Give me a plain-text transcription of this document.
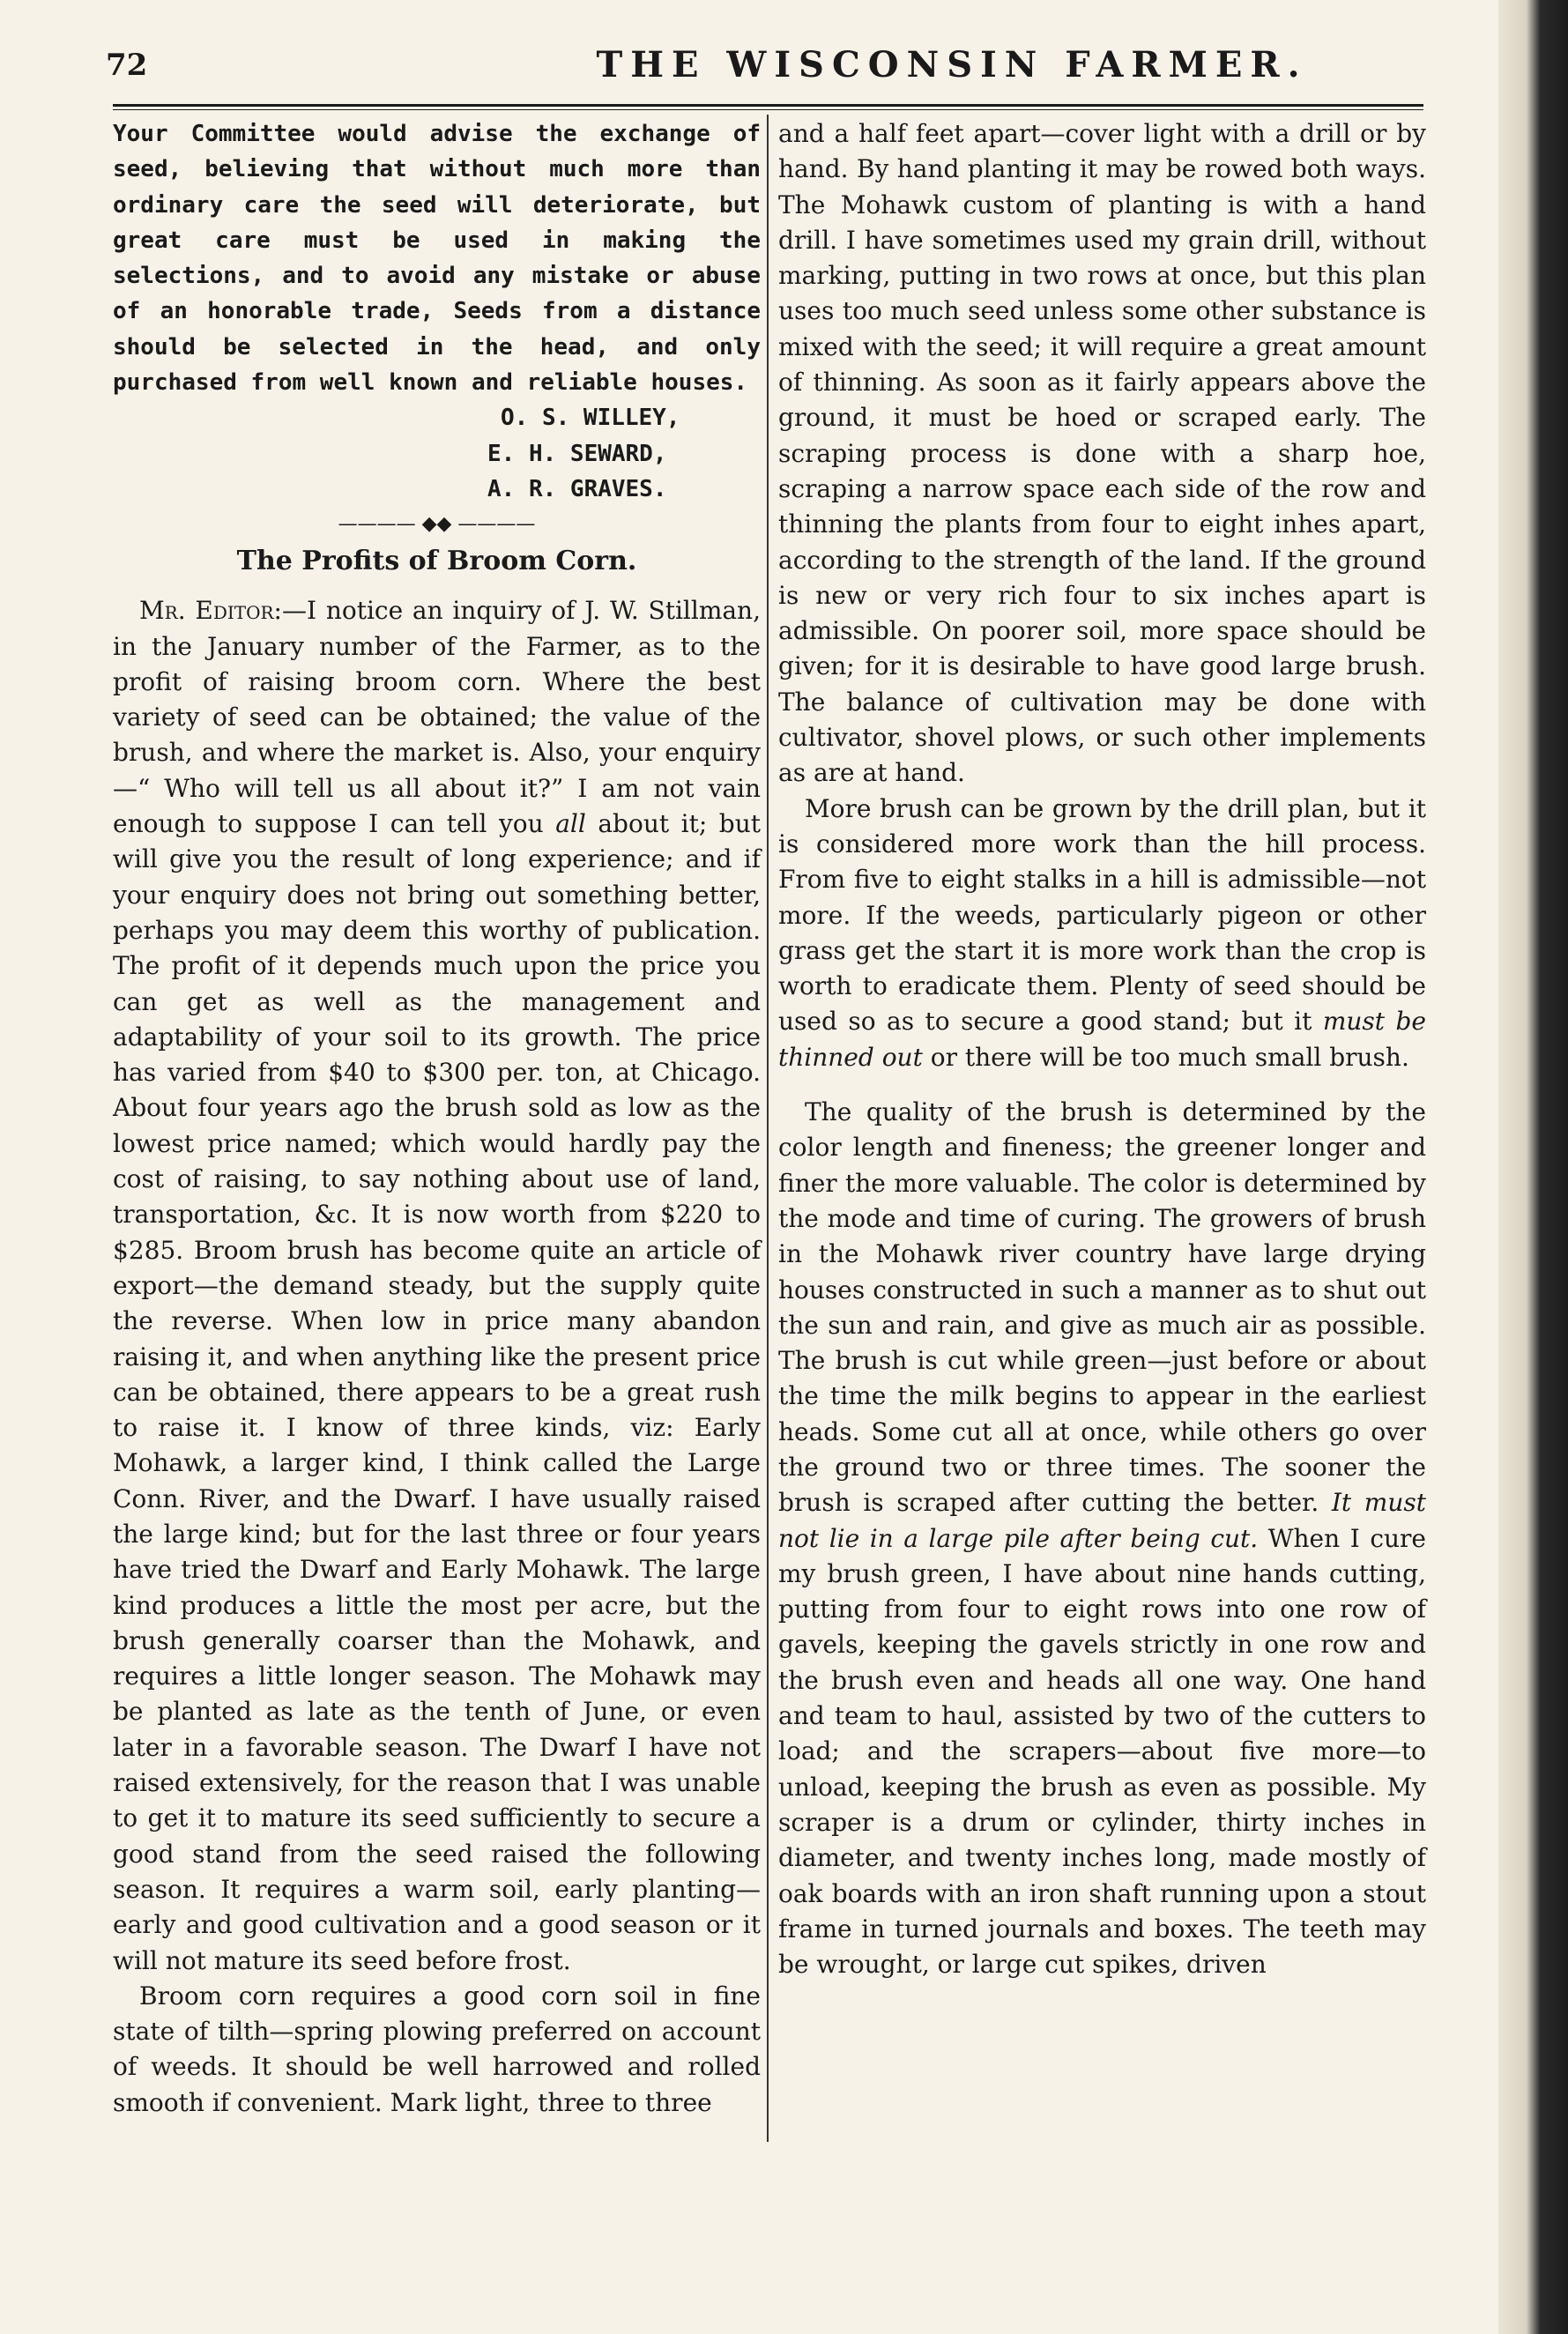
72	THE WISCONSIN FARMER.

Your Committee would advise the exchange of seed, believing that without much more than ordinary care the seed will deteriorate, but great care must be used in making the selections, and to avoid any mistake or abuse of an honorable trade, Seeds from a distance should be selected in the head, and only purchased from well known and reliable houses.

O. S. WILLEY,
E. H. SEWARD,
A. R. GRAVES.
———— ◆◆ ————
The Profits of Broom Corn.

Mr. Editor:—I notice an inquiry of J. W. Stillman, in the January number of the Farmer, as to the profit of raising broom corn. Where the best variety of seed can be obtained; the value of the brush, and where the market is. Also, your enquiry—“ Who will tell us all about it?” I am not vain enough to suppose I can tell you all about it; but will give you the result of long experience; and if your enquiry does not bring out something better, perhaps you may deem this worthy of publication. The profit of it depends much upon the price you can get as well as the management and adaptability of your soil to its growth. The price has varied from $40 to $300 per. ton, at Chicago. About four years ago the brush sold as low as the lowest price named; which would hardly pay the cost of raising, to say nothing about use of land, transportation, &c. It is now worth from $220 to $285. Broom brush has become quite an article of export—the demand steady, but the supply quite the reverse. When low in price many abandon raising it, and when anything like the present price can be obtained, there appears to be a great rush to raise it. I know of three kinds, viz: Early Mohawk, a larger kind, I think called the Large Conn. River, and the Dwarf. I have usually raised the large kind; but for the last three or four years have tried the Dwarf and Early Mohawk. The large kind produces a little the most per acre, but the brush generally coarser than the Mohawk, and requires a little longer season. The Mohawk may be planted as late as the tenth of June, or even later in a favorable season. The Dwarf I have not raised extensively, for the reason that I was unable to get it to mature its seed sufficiently to secure a good stand from the seed raised the following season. It requires a warm soil, early planting—early and good cultivation and a good season or it will not mature its seed before frost.

Broom corn requires a good corn soil in fine state of tilth—spring plowing preferred on account of weeds. It should be well harrowed and rolled smooth if convenient. Mark light, three to three

and a half feet apart—cover light with a drill or by hand. By hand planting it may be rowed both ways. The Mohawk custom of planting is with a hand drill. I have sometimes used my grain drill, without marking, putting in two rows at once, but this plan uses too much seed unless some other substance is mixed with the seed; it will require a great amount of thinning. As soon as it fairly appears above the ground, it must be hoed or scraped early. The scraping process is done with a sharp hoe, scraping a narrow space each side of the row and thinning the plants from four to eight inhes apart, according to the strength of the land. If the ground is new or very rich four to six inches apart is admissible. On poorer soil, more space should be given; for it is desirable to have good large brush. The balance of cultivation may be done with cultivator, shovel plows, or such other implements as are at hand.

More brush can be grown by the drill plan, but it is considered more work than the hill process. From five to eight stalks in a hill is admissible—not more. If the weeds, particularly pigeon or other grass get the start it is more work than the crop is worth to eradicate them. Plenty of seed should be used so as to secure a good stand; but it must be thinned out or there will be too much small brush.

The quality of the brush is determined by the color length and fineness; the greener longer and finer the more valuable. The color is determined by the mode and time of curing. The growers of brush in the Mohawk river country have large drying houses constructed in such a manner as to shut out the sun and rain, and give as much air as possible. The brush is cut while green—just before or about the time the milk begins to appear in the earliest heads. Some cut all at once, while others go over the ground two or three times. The sooner the brush is scraped after cutting the better. It must not lie in a large pile after being cut. When I cure my brush green, I have about nine hands cutting, putting from four to eight rows into one row of gavels, keeping the gavels strictly in one row and the brush even and heads all one way. One hand and team to haul, assisted by two of the cutters to load; and the scrapers—about five more—to unload, keeping the brush as even as possible. My scraper is a drum or cylinder, thirty inches in diameter, and twenty inches long, made mostly of oak boards with an iron shaft running upon a stout frame in turned journals and boxes. The teeth may be wrought, or large cut spikes, driven
